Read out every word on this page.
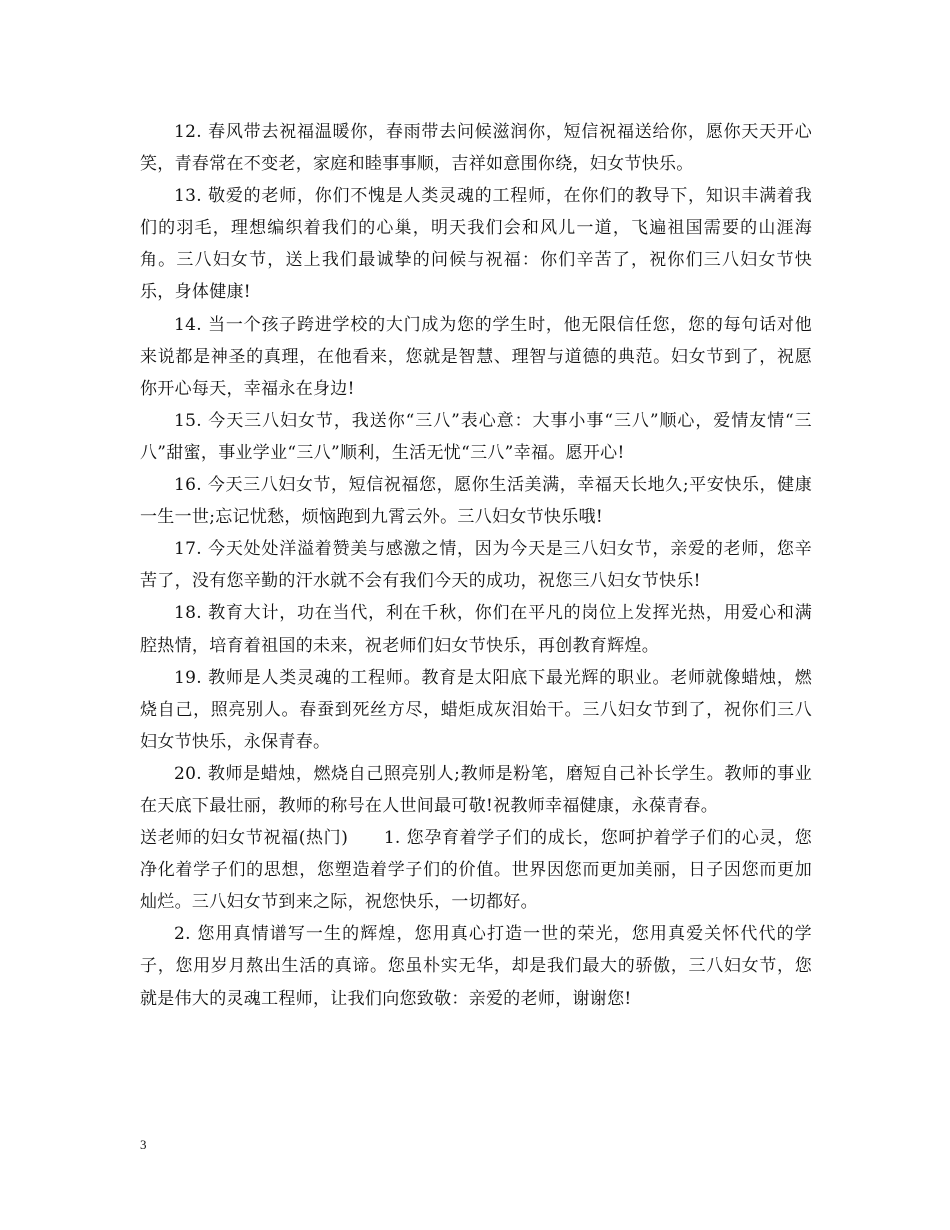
12. 春风带去祝福温暖你，春雨带去问候滋润你，短信祝福送给你，愿你天天开心笑，青春常在不变老，家庭和睦事事顺，吉祥如意围你绕，妇女节快乐。

13. 敬爱的老师，你们不愧是人类灵魂的工程师，在你们的教导下，知识丰满着我们的羽毛，理想编织着我们的心巢，明天我们会和风儿一道，飞遍祖国需要的山涯海角。三八妇女节，送上我们最诚挚的问候与祝福：你们辛苦了，祝你们三八妇女节快乐，身体健康!

14. 当一个孩子跨进学校的大门成为您的学生时，他无限信任您，您的每句话对他来说都是神圣的真理，在他看来，您就是智慧、理智与道德的典范。妇女节到了，祝愿你开心每天，幸福永在身边!

15. 今天三八妇女节，我送你“三八”表心意：大事小事“三八”顺心，爱情友情“三八”甜蜜，事业学业“三八”顺利，生活无忧“三八”幸福。愿开心!

16. 今天三八妇女节，短信祝福您，愿你生活美满，幸福天长地久;平安快乐，健康一生一世;忘记忧愁，烦恼跑到九霄云外。三八妇女节快乐哦!

17. 今天处处洋溢着赞美与感激之情，因为今天是三八妇女节，亲爱的老师，您辛苦了，没有您辛勤的汗水就不会有我们今天的成功，祝您三八妇女节快乐!

18. 教育大计，功在当代，利在千秋，你们在平凡的岗位上发挥光热，用爱心和满腔热情，培育着祖国的未来，祝老师们妇女节快乐，再创教育辉煌。

19. 教师是人类灵魂的工程师。教育是太阳底下最光辉的职业。老师就像蜡烛，燃烧自己，照亮别人。春蚕到死丝方尽，蜡炬成灰泪始干。三八妇女节到了，祝你们三八妇女节快乐，永保青春。

20. 教师是蜡烛，燃烧自己照亮别人;教师是粉笔，磨短自己补长学生。教师的事业在天底下最壮丽，教师的称号在人世间最可敬!祝教师幸福健康，永葆青春。

送老师的妇女节祝福(热门)　　1. 您孕育着学子们的成长，您呵护着学子们的心灵，您净化着学子们的思想，您塑造着学子们的价值。世界因您而更加美丽，日子因您而更加灿烂。三八妇女节到来之际，祝您快乐，一切都好。

2. 您用真情谱写一生的辉煌，您用真心打造一世的荣光，您用真爱关怀代代的学子，您用岁月熬出生活的真谛。您虽朴实无华，却是我们最大的骄傲，三八妇女节，您就是伟大的灵魂工程师，让我们向您致敬：亲爱的老师，谢谢您!

3
